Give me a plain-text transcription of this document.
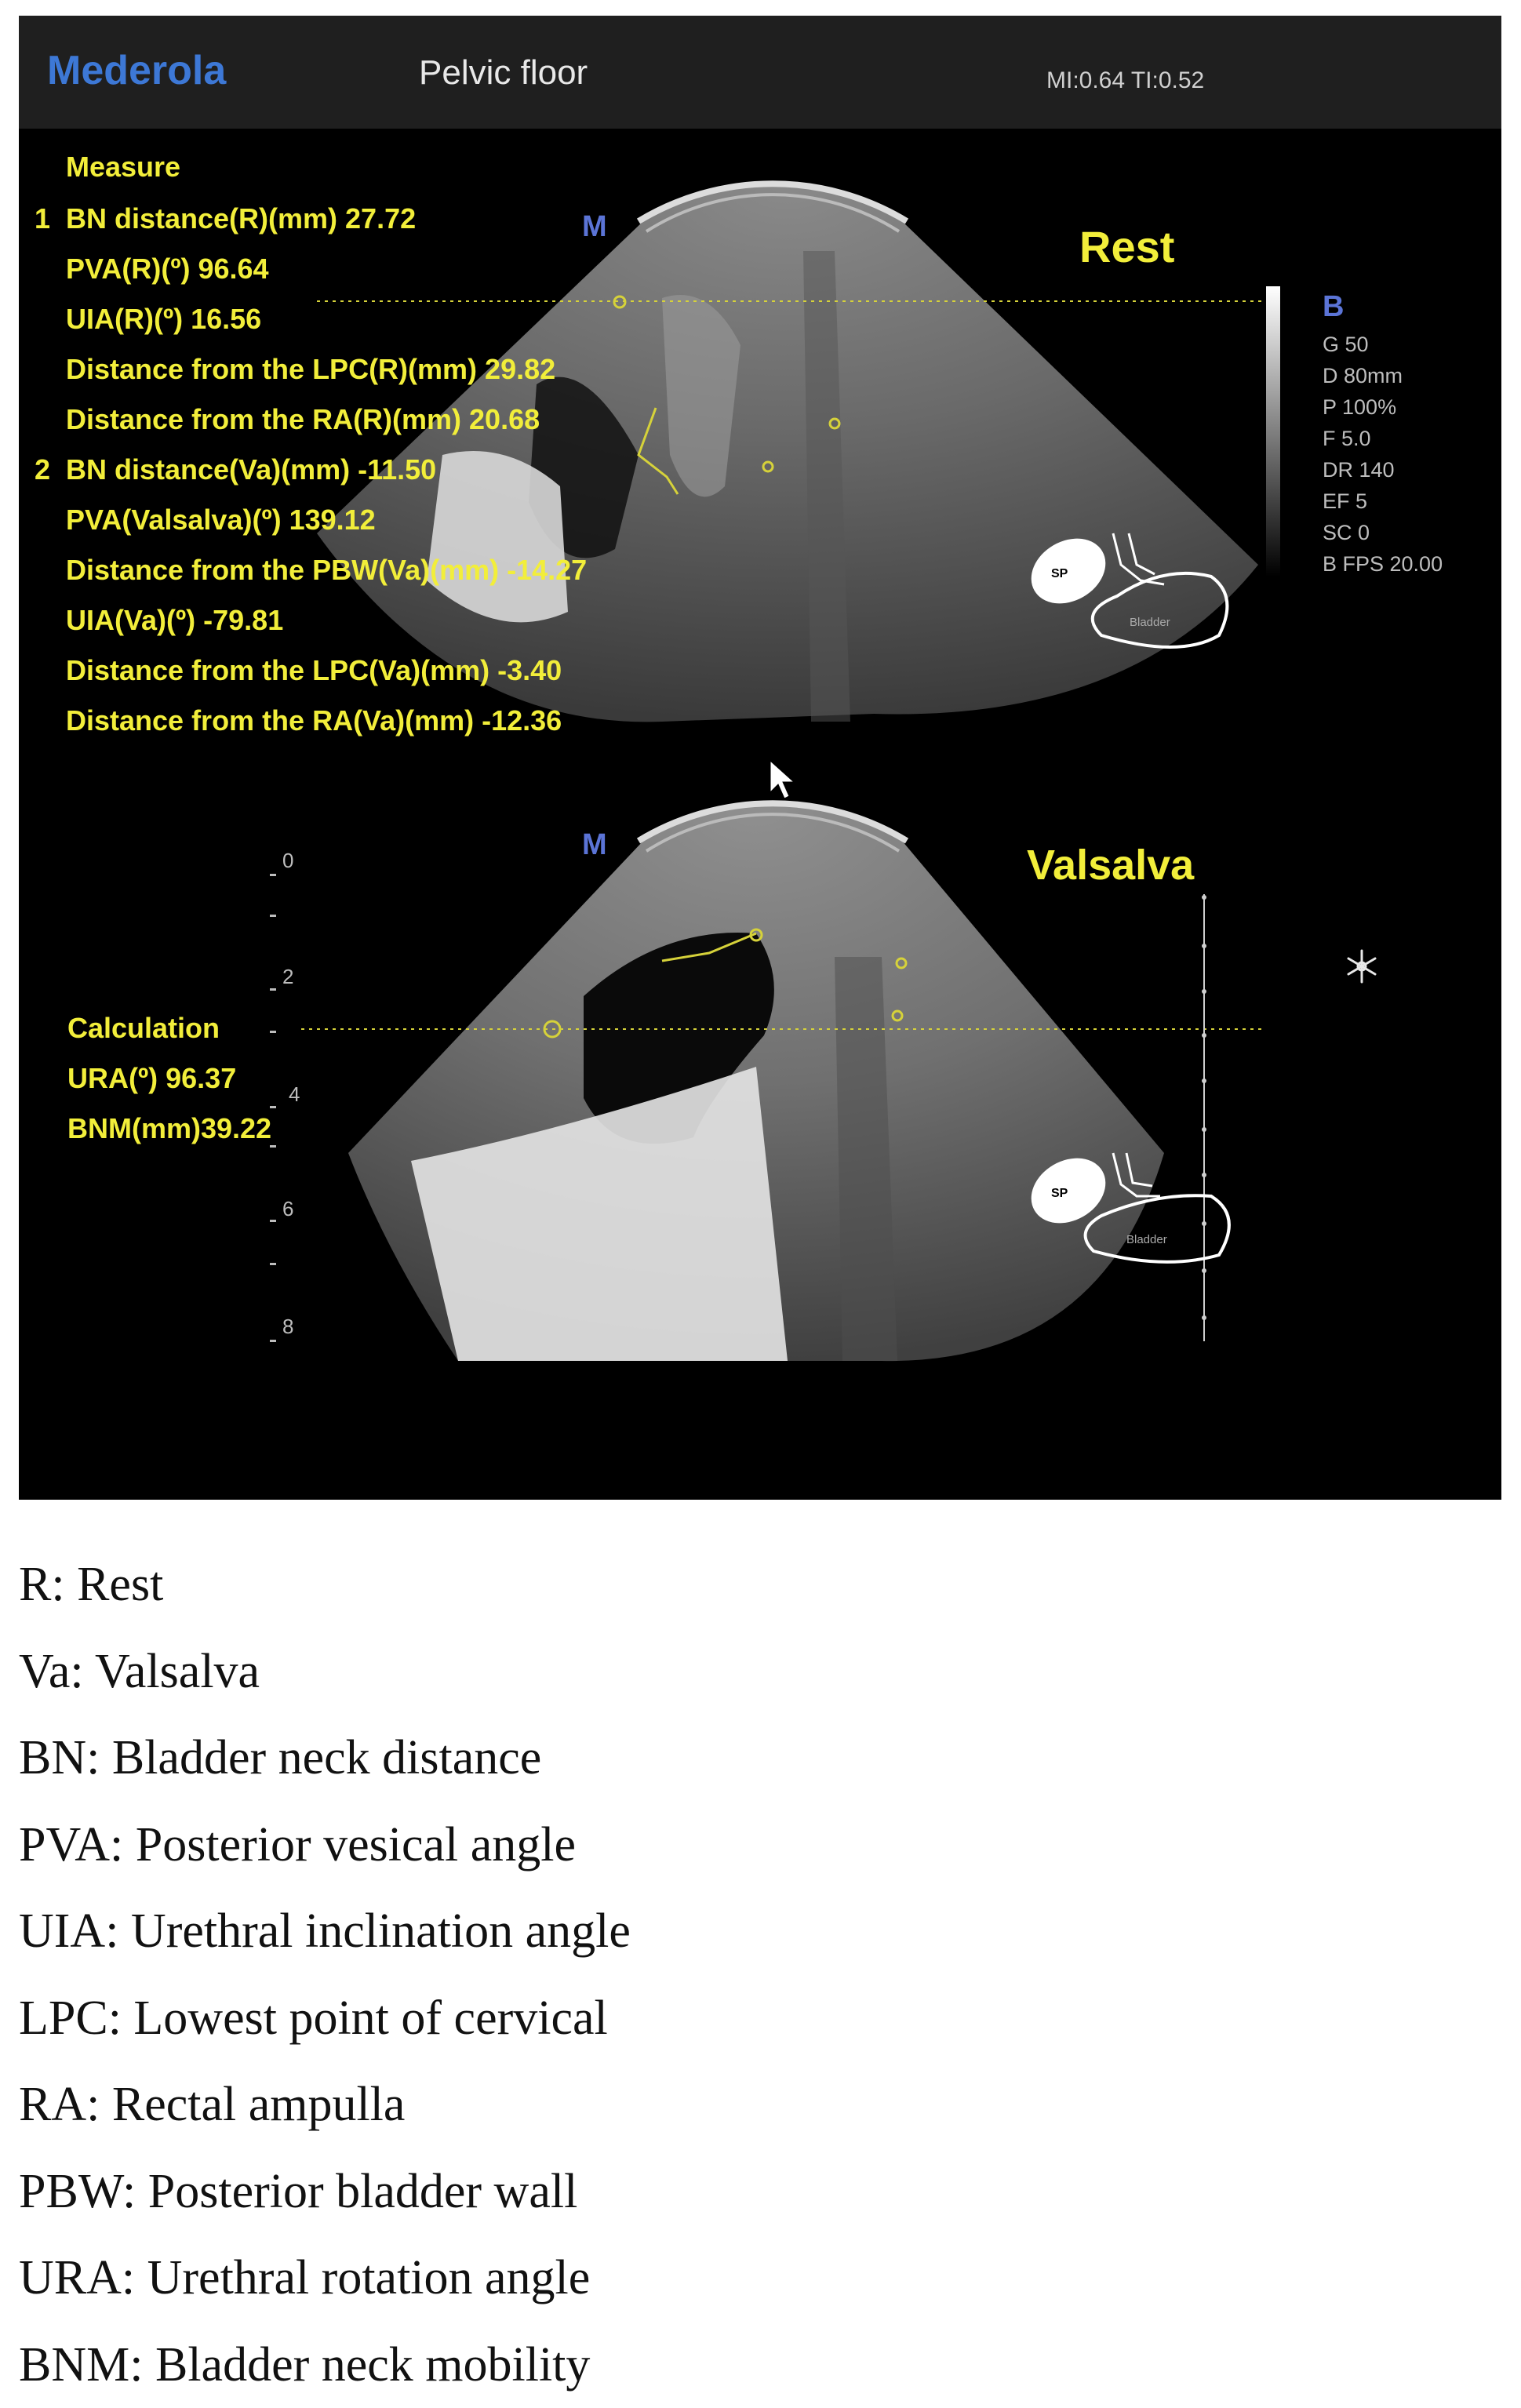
Mederola	Pelvic floor	MI:0.64 TI:0.52
SP
Bladder
SP
Bladder
Rest
Valsalva
M
M
Measure
1 BN distance(R)(mm) 27.72
PVA(R)(º) 96.64
UIA(R)(º) 16.56
Distance from the LPC(R)(mm) 29.82
Distance from the RA(R)(mm) 20.68
2 BN distance(Va)(mm) -11.50
PVA(Valsalva)(º) 139.12
Distance from the PBW(Va)(mm) -14.27
UIA(Va)(º) -79.81
Distance from the LPC(Va)(mm) -3.40
Distance from the RA(Va)(mm) -12.36
Calculation
URA(º) 96.37
BNM(mm)39.22
0
2
4
6
8
B
G 50
D 80mm
P 100%
F 5.0
DR 140
EF 5
SC 0
B FPS 20.00
R: Rest
Va: Valsalva
BN: Bladder neck distance
PVA: Posterior vesical angle
UIA: Urethral inclination angle
LPC: Lowest point of cervical
RA: Rectal ampulla
PBW: Posterior bladder wall
URA: Urethral rotation angle
BNM: Bladder neck mobility
